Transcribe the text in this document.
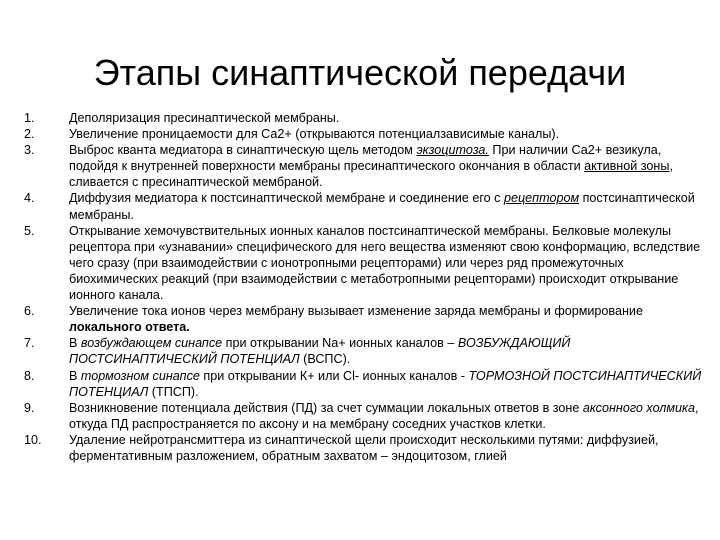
Этапы синаптической передачи
1.	Деполяризация пресинаптической мембраны.
2.	Увеличение проницаемости для Са2+ (открываются потенциалзависимые каналы).
3.	Выброс кванта медиатора в синаптическую щель методом экзоцитоза. При наличии Са2+ везикула, подойдя к внутренней поверхности мембраны пресинаптического окончания в области активной зоны, сливается с пресинаптической мембраной.
4.	Диффузия медиатора к постсинаптической мембране и соединение его с рецептором постсинаптической мембраны.
5.	Открывание хемочувствительных ионных каналов постсинаптической мембраны. Белковые молекулы рецептора при «узнавании» специфического для него вещества изменяют свою конформацию, вследствие чего сразу (при взаимодействии с ионотропными рецепторами) или через ряд промежуточных биохимических реакций (при взаимодействии с метаботропными рецепторами) происходит открывание ионного канала.
6.	Увеличение тока ионов через мембрану вызывает изменение заряда мембраны и формирование локального ответа.
7.	В возбуждающем синапсе при открывании Na+ ионных каналов – ВОЗБУЖДАЮЩИЙ ПОСТСИНАПТИЧЕСКИЙ ПОТЕНЦИАЛ (ВСПС).
8.	В тормозном синапсе при открывании К+ или Cl- ионных каналов - ТОРМОЗНОЙ ПОСТСИНАПТИЧЕСКИЙ ПОТЕНЦИАЛ (ТПСП).
9.	Возникновение потенциала действия (ПД) за счет суммации локальных ответов в зоне аксонного холмика, откуда ПД распространяется по аксону и на мембрану соседних участков клетки.
10. Удаление нейротрансмиттера из синаптической щели происходит несколькими путями: диффузией, ферментативным разложением, обратным захватом – эндоцитозом, глией
